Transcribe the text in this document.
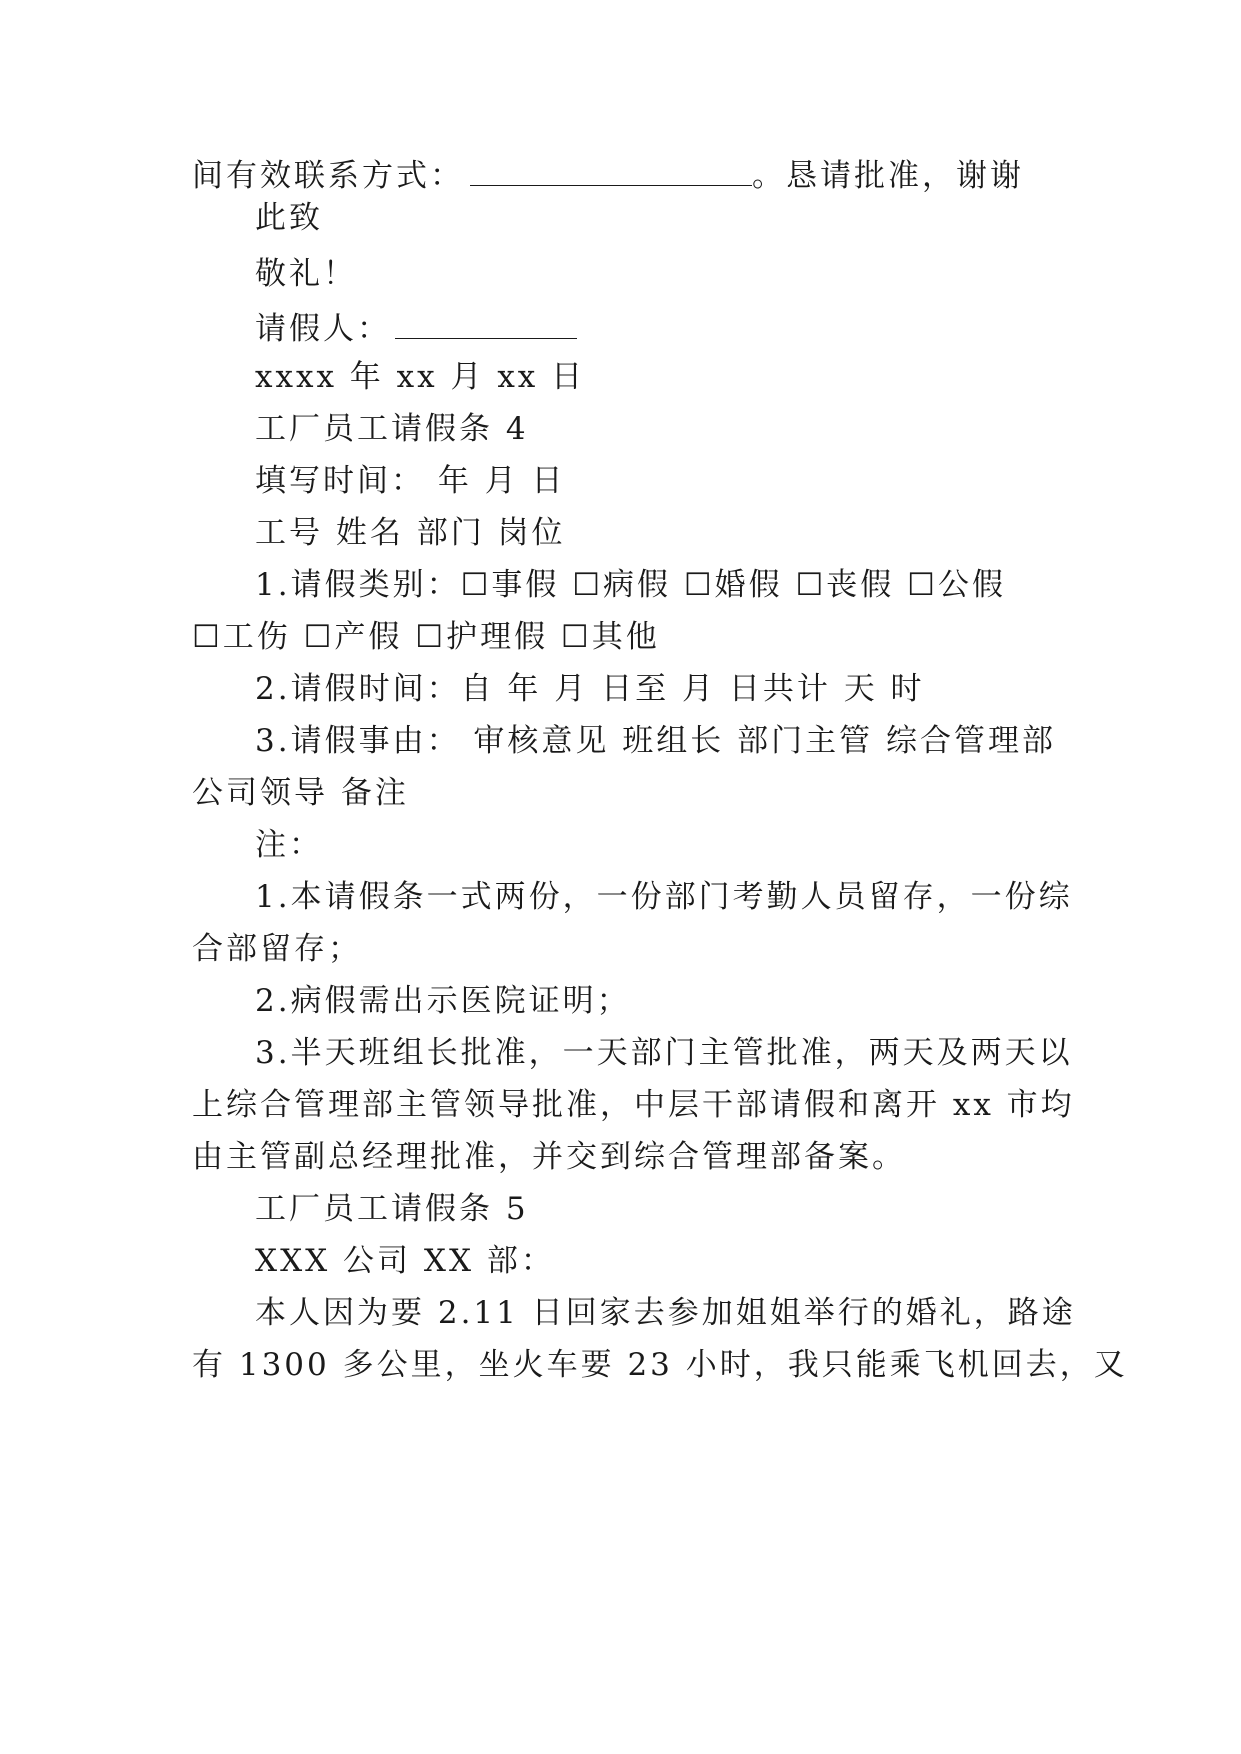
间有效联系方式：	。恳请批准，谢谢
此致
敬礼！
请假人：
xxxx 年 xx 月 xx 日
工厂员工请假条 4
填写时间： 年 月 日
工号 姓名 部门 岗位
1.请假类别：☐事假 ☐病假 ☐婚假 ☐丧假 ☐公假
☐工伤 ☐产假 ☐护理假 ☐其他
2.请假时间：自 年 月 日至 月 日共计 天 时
3.请假事由： 审核意见 班组长 部门主管 综合管理部
公司领导 备注
注：
1.本请假条一式两份，一份部门考勤人员留存，一份综
合部留存；
2.病假需出示医院证明；
3.半天班组长批准，一天部门主管批准，两天及两天以
上综合管理部主管领导批准，中层干部请假和离开 xx 市均
由主管副总经理批准，并交到综合管理部备案。
工厂员工请假条 5
XXX 公司 XX 部：
本人因为要 2.11 日回家去参加姐姐举行的婚礼，路途
有 1300 多公里，坐火车要 23 小时，我只能乘飞机回去，又
